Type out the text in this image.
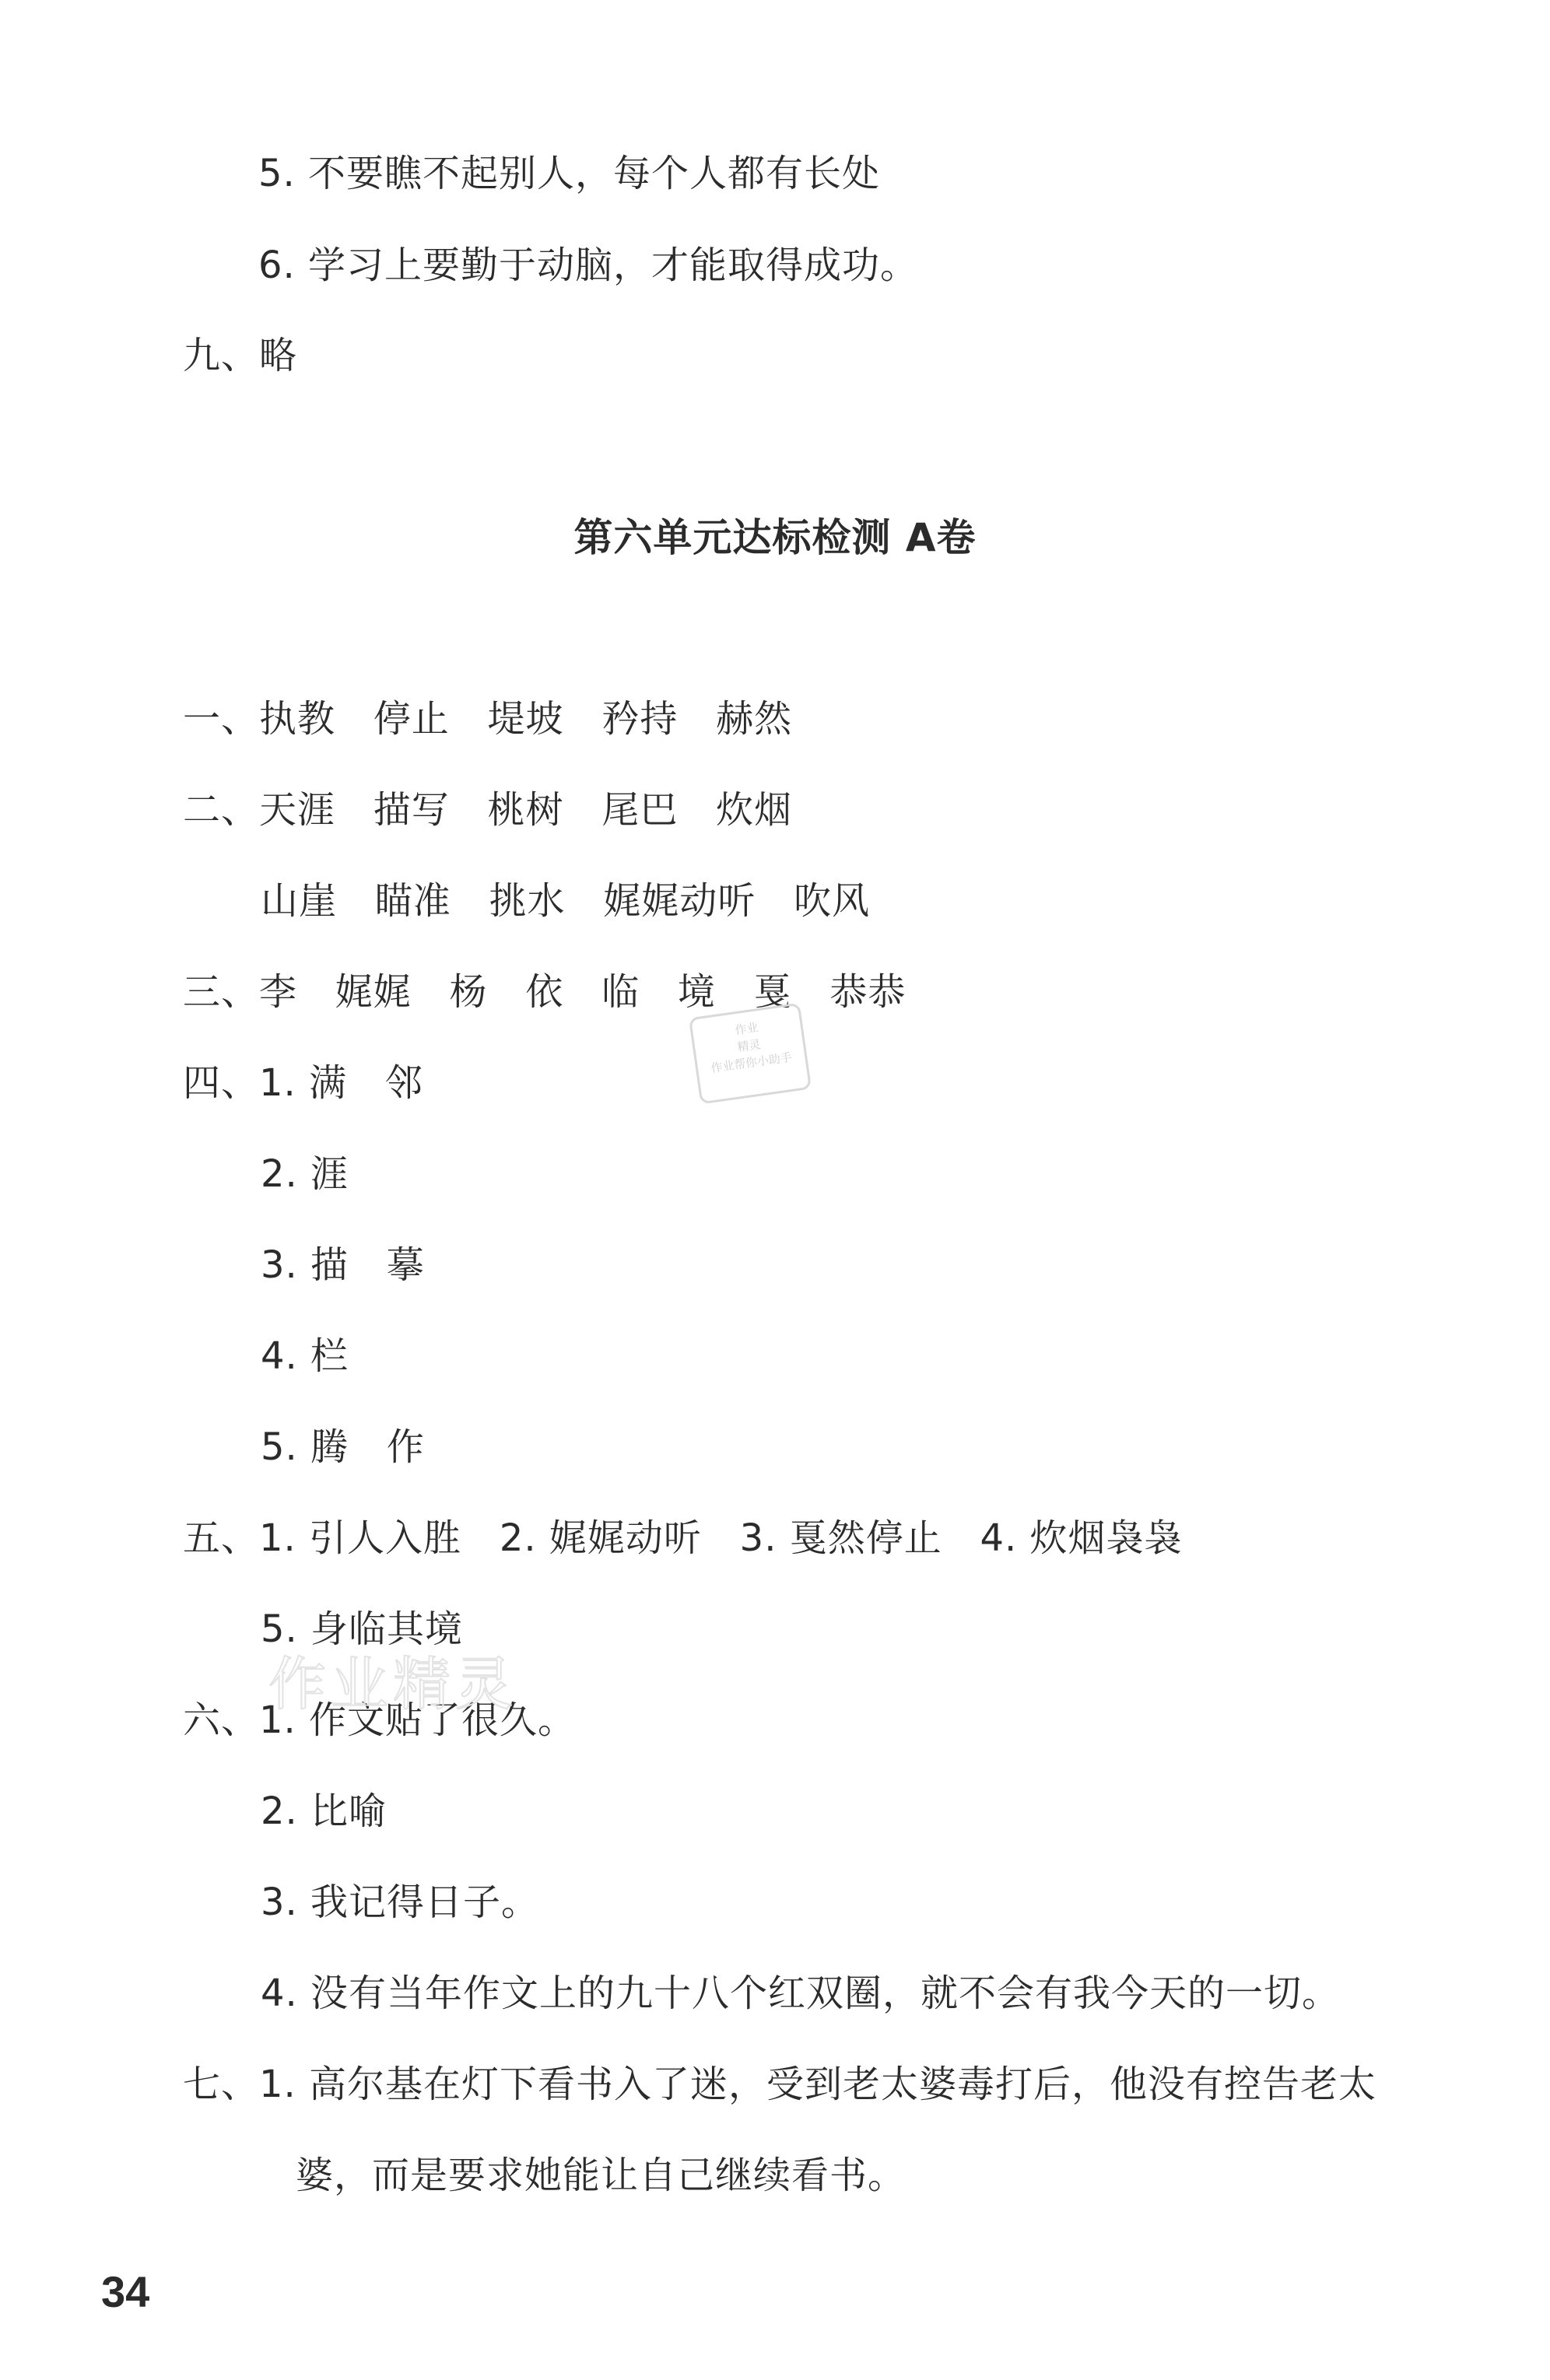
第六单元达标检测 A卷
5. 不要瞧不起别人，每个人都有长处
6. 学习上要勤于动脑，才能取得成功。
九、略
一、执教   停止   堤坡   矜持   赫然
二、天涯   描写   桃树   尾巴   炊烟
山崖   瞄准   挑水   娓娓动听   吹风
三、李   娓娓   杨   依   临   境   戛   恭恭
四、1. 满   邻
2. 涯
3. 描   摹
4. 栏
5. 腾   作
五、1. 引人入胜   2. 娓娓动听   3. 戛然停止   4. 炊烟袅袅
5. 身临其境
六、1. 作文贴了很久。
2. 比喻
3. 我记得日子。
4. 没有当年作文上的九十八个红双圈，就不会有我今天的一切。
七、1. 高尔基在灯下看书入了迷，受到老太婆毒打后，他没有控告老太
婆，而是要求她能让自己继续看书。
作业
精灵
作业帮你小助手
作业精灵
34
